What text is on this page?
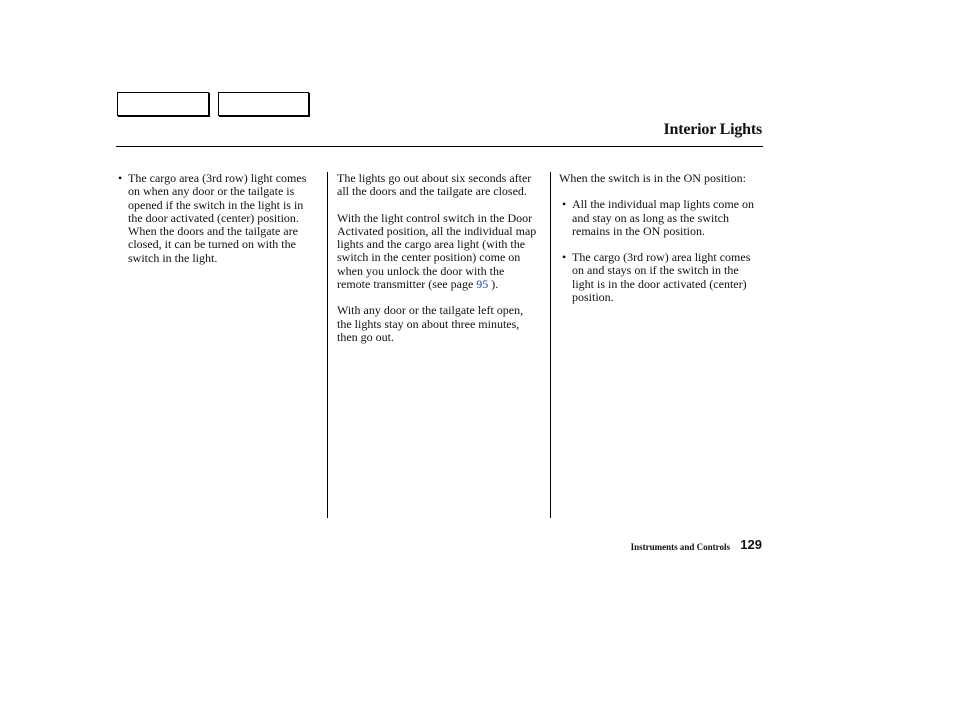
Interior Lights
• The cargo area (3rd row) light comes on when any door or the tailgate is opened if the switch in the light is in the door activated (center) position. When the doors and the tailgate are closed, it can be turned on with the switch in the light.

The lights go out about six seconds after all the doors and the tailgate are closed.

With the light control switch in the Door Activated position, all the individual map lights and the cargo area light (with the switch in the center position) come on when you unlock the door with the remote transmitter (see page 95 ).

With any door or the tailgate left open, the lights stay on about three minutes, then go out.

When the switch is in the ON position:

• All the individual map lights come on and stay on as long as the switch remains in the ON position.
• The cargo (3rd row) area light comes on and stays on if the switch in the light is in the door activated (center) position.
Instruments and Controls 129
